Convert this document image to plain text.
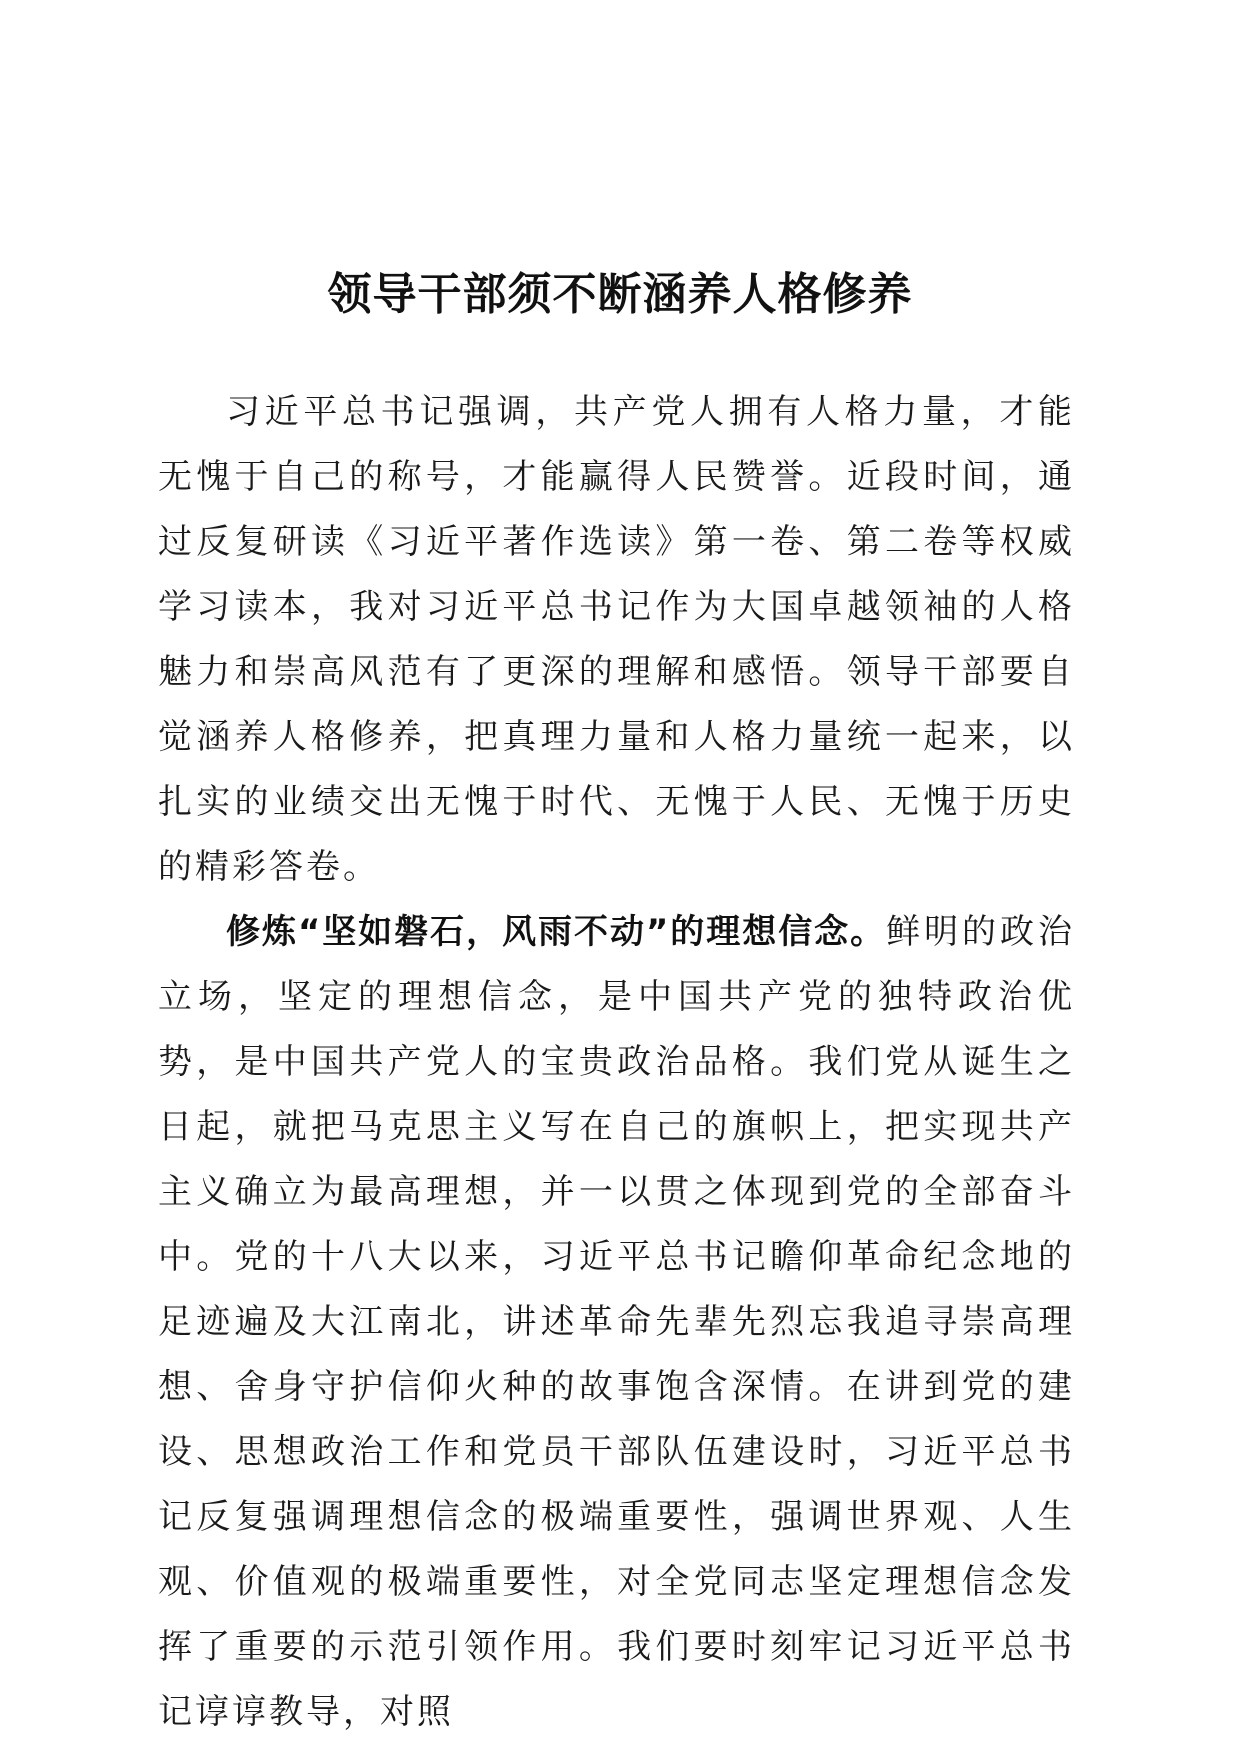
领导干部须不断涵养人格修养

习近平总书记强调，共产党人拥有人格力量，才能无愧于自己的称号，才能赢得人民赞誉。近段时间，通过反复研读《习近平著作选读》第一卷、第二卷等权威学习读本，我对习近平总书记作为大国卓越领袖的人格魅力和崇高风范有了更深的理解和感悟。领导干部要自觉涵养人格修养，把真理力量和人格力量统一起来，以扎实的业绩交出无愧于时代、无愧于人民、无愧于历史的精彩答卷。

修炼“坚如磐石，风雨不动”的理想信念。鲜明的政治立场，坚定的理想信念，是中国共产党的独特政治优势，是中国共产党人的宝贵政治品格。我们党从诞生之日起，就把马克思主义写在自己的旗帜上，把实现共产主义确立为最高理想，并一以贯之体现到党的全部奋斗中。党的十八大以来，习近平总书记瞻仰革命纪念地的足迹遍及大江南北，讲述革命先辈先烈忘我追寻崇高理想、舍身守护信仰火种的故事饱含深情。在讲到党的建设、思想政治工作和党员干部队伍建设时，习近平总书记反复强调理想信念的极端重要性，强调世界观、人生观、价值观的极端重要性，对全党同志坚定理想信念发挥了重要的示范引领作用。我们要时刻牢记习近平总书记谆谆教导，对照
